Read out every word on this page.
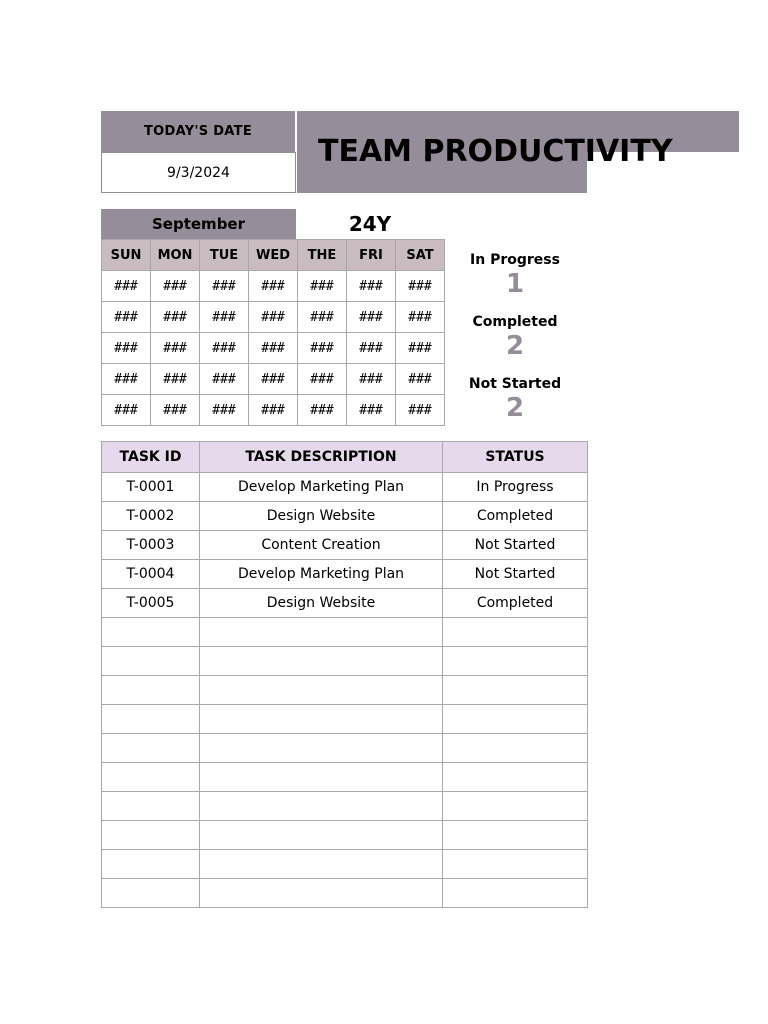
TODAY'S DATE
9/3/2024
TEAM PRODUCTIVITY
September	24Y
SUN	MON	TUE	WED	THE	FRI	SAT
###	###	###	###	###	###	###
###	###	###	###	###	###	###
###	###	###	###	###	###	###
###	###	###	###	###	###	###
###	###	###	###	###	###	###
In Progress
1
Completed
2
Not Started
2
TASK ID	TASK DESCRIPTION	STATUS
T-0001	Develop Marketing Plan	In Progress
T-0002	Design Website	Completed
T-0003	Content Creation	Not Started
T-0004	Develop Marketing Plan	Not Started
T-0005	Design Website	Completed
